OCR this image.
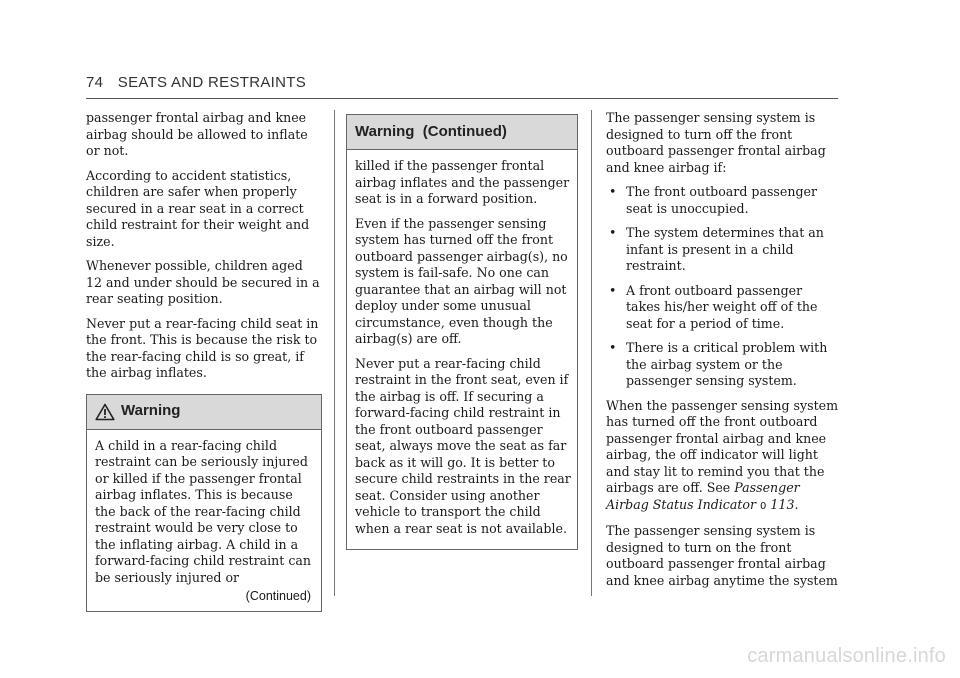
74 SEATS AND RESTRAINTS

passenger frontal airbag and knee airbag should be allowed to inflate or not.

According to accident statistics, children are safer when properly secured in a rear seat in a correct child restraint for their weight and size.

Whenever possible, children aged 12 and under should be secured in a rear seating position.

Never put a rear-facing child seat in the front. This is because the risk to the rear-facing child is so great, if the airbag inflates.

Warning

A child in a rear-facing child restraint can be seriously injured or killed if the passenger frontal airbag inflates. This is because the back of the rear-facing child restraint would be very close to the inflating airbag. A child in a forward-facing child restraint can be seriously injured or

(Continued)
Warning  (Continued)

killed if the passenger frontal airbag inflates and the passenger seat is in a forward position.

Even if the passenger sensing system has turned off the front outboard passenger airbag(s), no system is fail-safe. No one can guarantee that an airbag will not deploy under some unusual circumstance, even though the airbag(s) are off.

Never put a rear-facing child restraint in the front seat, even if the airbag is off. If securing a forward-facing child restraint in the front outboard passenger seat, always move the seat as far back as it will go. It is better to secure child restraints in the rear seat. Consider using another vehicle to transport the child when a rear seat is not available.

The passenger sensing system is designed to turn off the front outboard passenger frontal airbag and knee airbag if:

• The front outboard passenger seat is unoccupied.
• The system determines that an infant is present in a child restraint.
• A front outboard passenger takes his/her weight off of the seat for a period of time.
• There is a critical problem with the airbag system or the passenger sensing system.

When the passenger sensing system has turned off the front outboard passenger frontal airbag and knee airbag, the off indicator will light and stay lit to remind you that the airbags are off. See Passenger Airbag Status Indicator 0 113.

The passenger sensing system is designed to turn on the front outboard passenger frontal airbag and knee airbag anytime the system

carmanualsonline.info
